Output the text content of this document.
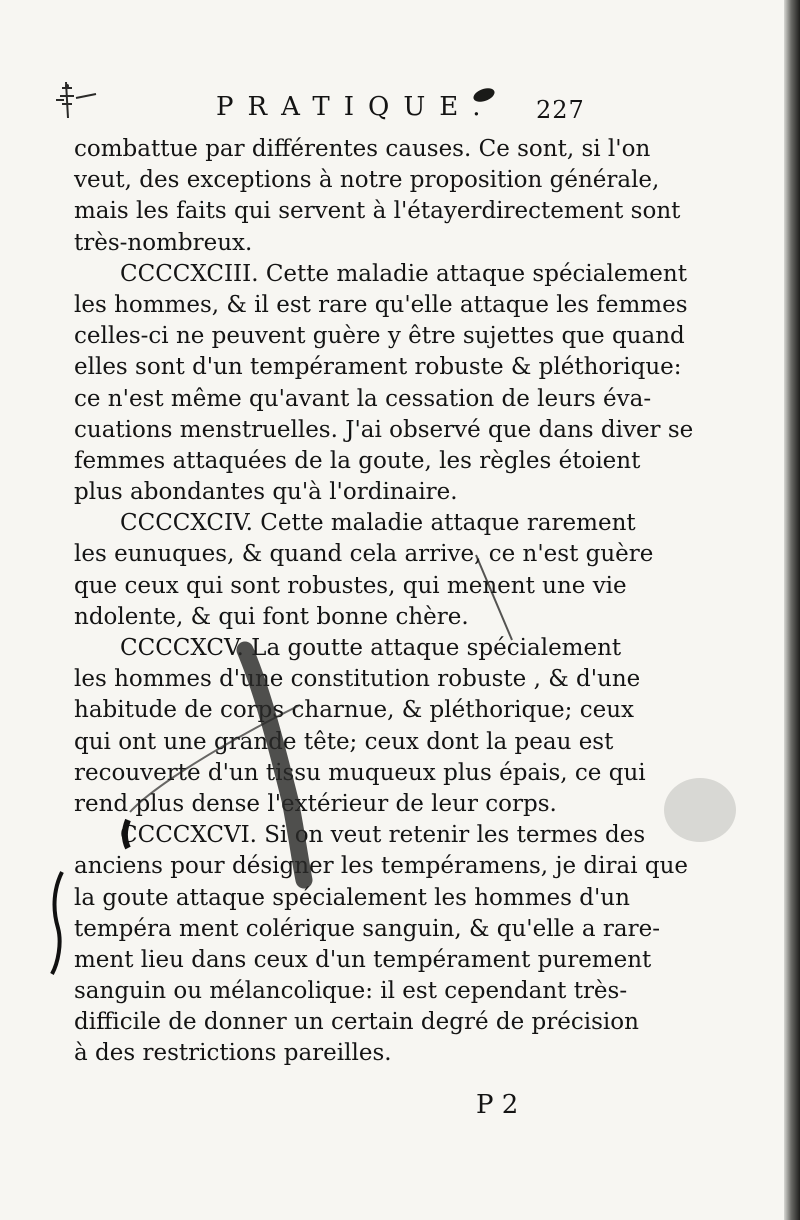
PRATIQUE. 227
combattue par différentes causes. Ce sont, si l'on
veut, des exceptions à notre proposition générale,
mais les faits qui servent à l'étayerdirectement sont
très-nombreux.
CCCCXCIII. Cette maladie attaque spécialement
les hommes, & il est rare qu'elle attaque les femmes
celles-ci ne peuvent guère y être sujettes que quand
elles sont d'un tempérament robuste & pléthorique:
ce n'est même qu'avant la cessation de leurs éva-
cuations menstruelles. J'ai observé que dans diver se
femmes attaquées de la goute, les règles étoient
plus abondantes qu'à l'ordinaire.
CCCCXCIV. Cette maladie attaque rarement
les eunuques, & quand cela arrive, ce n'est guère
que ceux qui sont robustes, qui menent une vie
ndolente, & qui font bonne chère.
CCCCXCV. La goutte attaque spécialement
les hommes d'une constitution robuste , & d'une
habitude de corps charnue, & pléthorique; ceux
qui ont une grande tête; ceux dont la peau est
recouverte d'un tissu muqueux plus épais, ce qui
rend plus dense l'extérieur de leur corps.
CCCCXCVI. Si on veut retenir les termes des
anciens pour désigner les tempéramens, je dirai que
la goute attaque spécialement les hommes d'un
tempéra ment colérique sanguin, & qu'elle a rare-
ment lieu dans ceux d'un tempérament purement
sanguin ou mélancolique: il est cependant très-
difficile de donner un certain degré de précision
à des restrictions pareilles.
P 2
